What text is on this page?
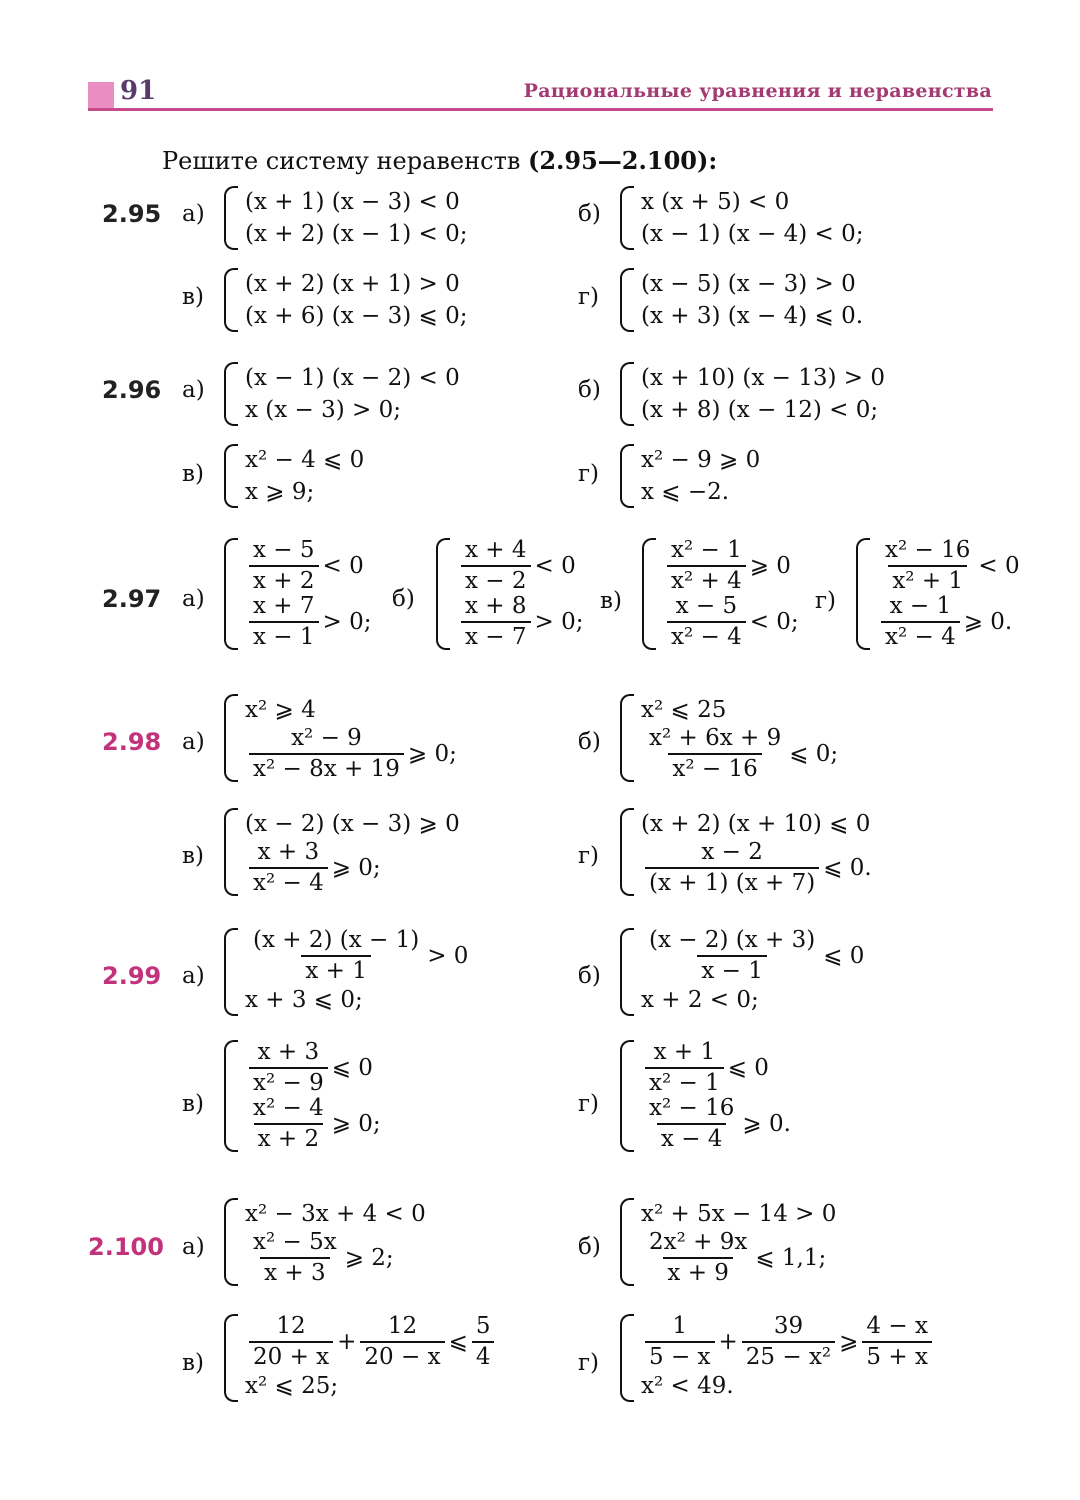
91	Рациональные уравнения и неравенства
Решите систему неравенств (2.95—2.100):
2.95 а) (x + 1) (x − 3) < 0
(x + 2) (x − 1) < 0;
б) x (x + 5) < 0
(x − 1) (x − 4) < 0;
в) (x + 2) (x + 1) > 0
(x + 6) (x − 3) ⩽ 0;
г) (x − 5) (x − 3) > 0
(x + 3) (x − 4) ⩽ 0.
2.96 а) (x − 1) (x − 2) < 0
x (x − 3) > 0;
б) (x + 10) (x − 13) > 0
(x + 8) (x − 12) < 0;
в)
x² − 4 ⩽ 0
x ⩾ 9;
г)
x² − 9 ⩾ 0
x ⩽ −2.
2.97 а)
$\frac{x - 5}{x + 2} < 0$
$\frac{x + 7}{x - 1} > 0$;
б)
$\frac{x + 4}{x - 2} < 0$
$\frac{x + 8}{x - 7} > 0$;
в)
$\frac{\text{x² − 1}}{\text{x² + 4}}$ ⩾ 0
$\frac{x - 5}{\text{x² − 4}} < 0$;
г)
$\frac{\text{x² − 16}}{\text{x² + 1}} < 0$
$\frac{x - 1}{\text{x² − 4}}$ ⩾ 0.
2.98 а)
x² ⩾ 4
$\frac{\text{x² − 9}}{\text{x² − 8x + 19}}$ ⩾ 0;	б)
x² ⩽ 25
$\frac{\text{x² + 6x + 9}}{\text{x² − 16}}$ ⩽ 0;
в)
(x − 2) (x − 3) ⩾ 0
$\frac{x + 3}{\text{x² − 4}}$ ⩾ 0;	г)
(x + 2) (x + 10) ⩽ 0
$\frac{x - 2}{(x + 1) (x + 7)}$ ⩽ 0.
2.99 $а) \frac{(x + 2) (x - 1)}{x + 1} > 0$
x + 3 ⩽ 0;
$б) \frac{(x - 2) (x + 3)}{x - 1}$ ⩽ 0
x + 2 < 0;
в)
$\frac{x + 3}{\text{x² − 9}}$ ⩽ 0
$\frac{\text{x² − 4}}{x + 2}$ ⩾ 0;
г)
$\frac{x + 1}{\text{x² − 1}}$ ⩽ 0
$\frac{\text{x² − 16}}{x - 4}$ ⩾ 0.
2.100 а)
x² − 3x + 4 < 0
$\frac{\text{x² − 5x}}{x + 3}$ ⩾ 2;	б)
x² + 5x − 14 > 0
$\frac{\text{2x² + 9x}}{x + 9}$ ⩽ 1,1;
$в) \frac{12}{20 + x} + \frac{12}{20 - x}$ ⩽ $\frac{5}{4}$
x² ⩽ 25;
$г) \frac{1}{5 - x} + \frac{39}{\text{25 − x²}}$ ⩾ $\frac{4 - x}{5 + x}$
x² < 49.
